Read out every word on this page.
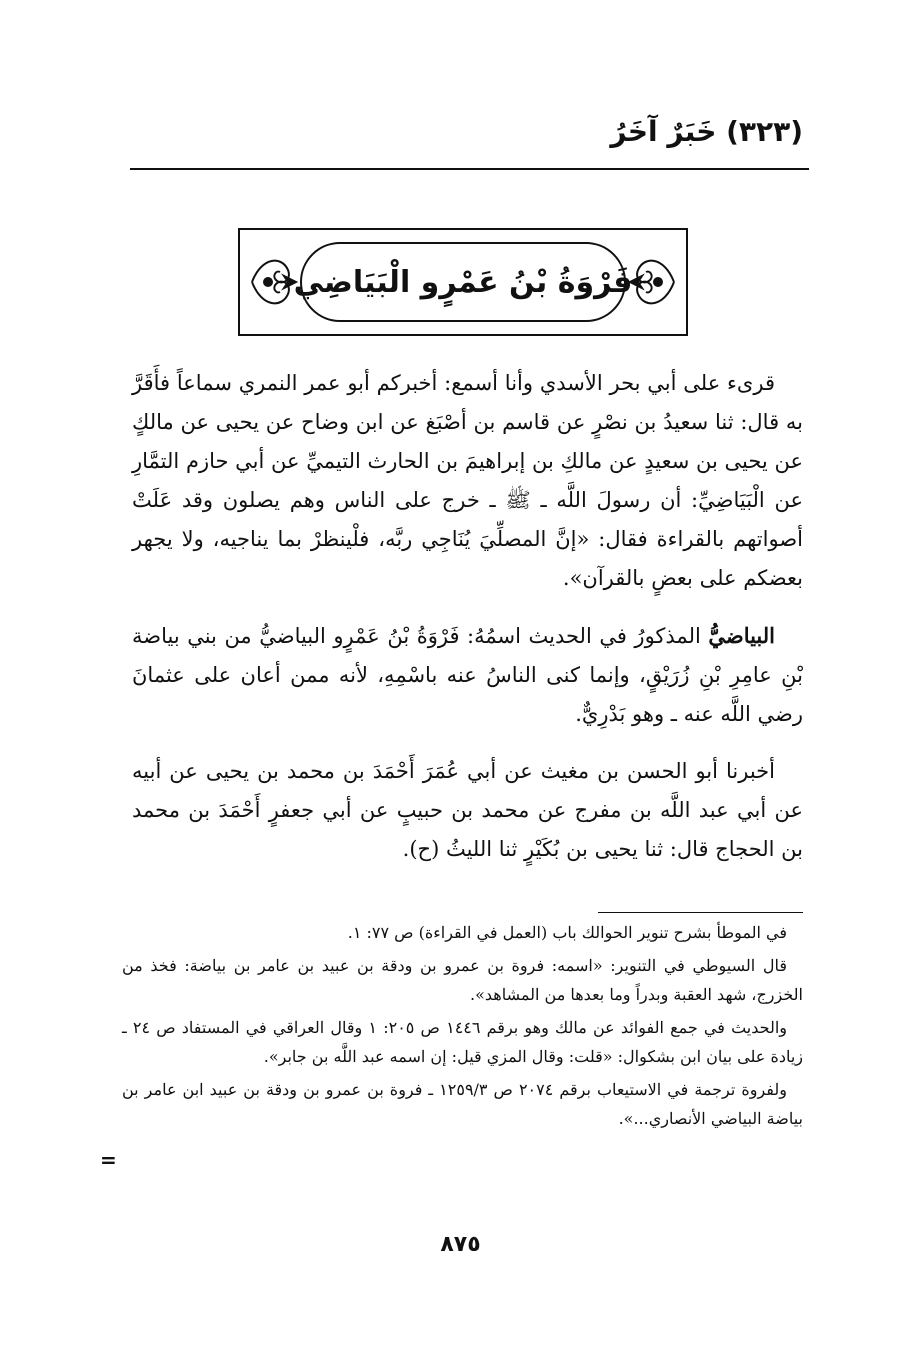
(٣٢٣) خَبَرٌ آخَرُ
فَرْوَةُ بْنُ عَمْرٍو الْبَيَاضِي

قرىء على أبي بحر الأسدي وأنا أسمع: أخبركم أبو عمر النمري سماعاً فأَقَرَّ به قال: ثنا سعيدُ بن نصْرٍ عن قاسم بن أصْبَغ عن ابن وضاح عن يحيى عن مالكٍ عن يحيى بن سعيدٍ عن مالكِ بن إبراهيمَ بن الحارث التيميِّ عن أبي حازم التمَّارِ عن الْبَيَاضِيِّ: أن رسولَ اللَّه ـ ﷺ ـ خرج على الناس وهم يصلون وقد عَلَتْ أصواتهم بالقراءة فقال: «إنَّ المصلِّيَ يُنَاجِي ربَّه، فلْينظرْ بما يناجيه، ولا يجهر بعضكم على بعضٍ بالقرآن».

البياضيُّ المذكورُ في الحديث اسمُهُ: فَرْوَةُ بْنُ عَمْرٍو البياضيُّ من بني بياضة بْنِ عامِرِ بْنِ زُرَيْقٍ، وإنما كنى الناسُ عنه باسْمِهِ، لأنه ممن أعان على عثمانَ رضي اللَّه عنه ـ وهو بَدْرِيٌّ.

أخبرنا أبو الحسن بن مغيث عن أبي عُمَرَ أَحْمَدَ بن محمد بن يحيى عن أبيه عن أبي عبد اللَّه بن مفرج عن محمد بن حبيبٍ عن أبي جعفرٍ أَحْمَدَ بن محمد بن الحجاج قال: ثنا يحيى بن بُكَيْرٍ ثنا الليثُ (ح).

في الموطأ بشرح تنوير الحوالك باب (العمل في القراءة) ص ٧٧: ١.

قال السيوطي في التنوير: «اسمه: فروة بن عمرو بن ودقة بن عبيد بن عامر بن بياضة: فخذ من الخزرج، شهد العقبة وبدراً وما بعدها من المشاهد».

والحديث في جمع الفوائد عن مالك وهو برقم ١٤٤٦ ص ٢٠٥: ١ وقال العراقي في المستفاد ص ٢٤ ـ زيادة على بيان ابن بشكوال: «قلت: وقال المزي قيل: إن اسمه عبد اللَّه بن جابر».

ولفروة ترجمة في الاستيعاب برقم ٢٠٧٤ ص ١٢٥٩/٣ ـ فروة بن عمرو بن ودقة بن عبيد ابن عامر بن بياضة البياضي الأنصاري...».

=
٨٧٥
